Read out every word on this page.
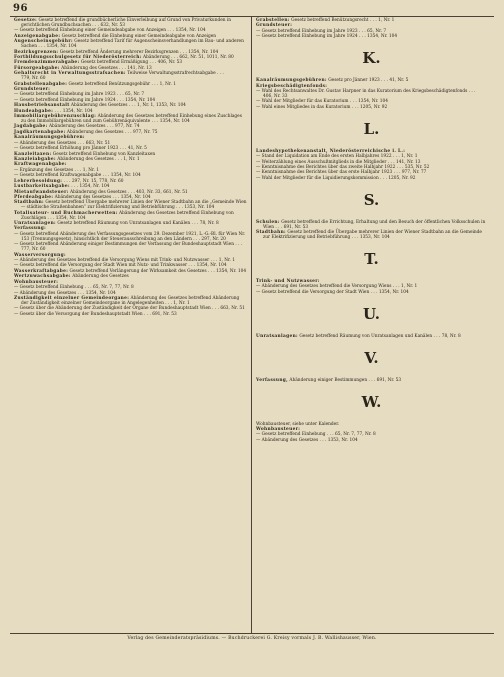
96
Gesetze: Gesetz betreffend die grundbücherliche Einverleibung auf Grund von Privaturkunden in gerichtlichen Grundbuchsachen . . . 632, Nr. 53
— Gesetz betreffend Einhebung einer Gemeindeabgabe von Anzeigen . . . 1354, Nr. 104
Anzeigenabgabe: Gesetz betreffend die Einhebung einer Gemeindeabgabe von Anzeigen
Augenscheinsgebühr: Gesetz betreffend Tarif für Augenscheinsverhandlungen im Bau- und anderen Sachen . . . 1354, Nr. 104
Bezirksgrenzen: Gesetz betreffend Änderung mehrerer Bezirksgrenzen . . . 1354, Nr. 104
Fortbildungsschulgesetz für Niederösterreich: Abänderung . . . 662, Nr. 51, 1011, Nr. 80
Fremdenzimmerabgabe: Gesetz betreffend Ermäßigung . . . 406, Nr. 53
Fürsorgeabgabe: Abänderung des Gesetzes . . . 141, Nr. 13
Gehaltsrecht in Verwaltungsstrafsachen: Teilweise Verwaltungsstrafrechtsabgabe . . . 779, Nr. 60
Grabstellenabgabe: Gesetz betreffend Benützungsgebühr . . . 1, Nr. 1
Grundsteuer:
— Gesetz betreffend Einhebung im Jahre 1923 . . . 65, Nr. 7
— Gesetz betreffend Einhebung im Jahre 1924 . . . 1354, Nr. 104
Hausbetriebsanstalt Abänderung des Gesetzes . . . 1, Nr. 1, 1353, Nr. 104
Hundeabgabe: . . . 1354, Nr. 104
Immobiliargebührenzuschlag: Abänderung des Gesetzes betreffend Einhebung eines Zuschlages zu den Immobiliargebühren und zum Gebührenäquivalente . . . 1354, Nr. 104
Jagdabgabe: Abänderung des Gesetzes . . . 977, Nr. 74
Jagdkartenabgabe: Abänderung des Gesetzes . . . 977, Nr. 75
Kanalräumungsgebühren:
— Abänderung des Gesetzes . . . 663, Nr. 51
— Gesetz betreffend Erhöhung pro Jänner 1923 . . . 41, Nr. 5
Kanzleitaxen: Gesetz betreffend Einhebung von Kanzleitaxen
Kanzleiabgabe: Abänderung des Gesetzes . . . 1, Nr. 1
Kraftwagenabgabe:
— Ergänzung des Gesetzes . . . 1, Nr. 1
— Gesetz betreffend Kraftwagenabgabe . . . 1354, Nr. 104
Lehrerbesoldung: . . . 297, Nr. 15, 778, Nr. 60
Lustbarkeitsabgabe: . . . 1354, Nr. 104
Mietaufwandsteuer: Abänderung des Gesetzes . . . 403, Nr. 33, 661, Nr. 51
Pferdeabgabe: Abänderung des Gesetzes . . . 1354, Nr. 104
Stadtbahn: Gesetz betreffend Übergabe mehrerer Linien der Wiener Stadtbahn an die „Gemeinde Wien — städtische Straßenbahnen“ zur Elektrifizierung und Betriebführung . . . 1353, Nr. 104
Totalisateur- und Buchmacherwetten: Abänderung des Gesetzes betreffend Einhebung von Zuschlägen . . . 1354, Nr. 104
Unratsanlagen: Gesetz betreffend Räumung von Unratsanlagen und Kanälen . . . 78, Nr. 8
Verfassung:
— Gesetz betreffend Abänderung des Verfassungsgesetzes vom 29. Dezember 1921, L.-G.-Bl. für Wien Nr. 153 (Trennungsgesetz), hinsichtlich der Steuerausschreibung an den Ländern . . . 297, Nr. 20
— Gesetz betreffend Abänderung einiger Bestimmungen der Verfassung der Bundeshauptstadt Wien . . . 777, Nr. 60
Wasserversorgung:
— Abänderung des Gesetzes betreffend die Versorgung Wiens mit Trink- und Nutzwasser . . . 1, Nr. 1
— Gesetz betreffend die Versorgung der Stadt Wien mit Nutz- und Trinkwasser . . . 1354, Nr. 104
Wasserkraftabgabe: Gesetz betreffend Verlängerung der Wirksamkeit des Gesetzes . . . 1354, Nr. 104
Wertzuwachsabgabe: Abänderung des Gesetzes
Wohnbausteuer:
— Gesetz betreffend Einhebung . . . 65, Nr. 7, 77, Nr. 8
— Abänderung des Gesetzes . . . 1354, Nr. 104
Zuständigkeit einzelner Gemeindeorgane: Abänderung des Gesetzes betreffend Abänderung der Zuständigkeit einzelner Gemeindeorgane in Angelegenheiten . . . 1, Nr. 1
— Gesetz über die Abänderung der Zuständigkeit der Organe der Bundeshauptstadt Wien . . . 663, Nr. 51
— Gesetz über die Versorgung der Bundeshauptstadt Wien . . . 691, Nr. 53
Grabstellen: Gesetz betreffend Benützungsrecht . . . 1, Nr. 1
Grundsteuer:
— Gesetz betreffend Einhebung im Jahre 1923 . . . 65, Nr. 7
— Gesetz betreffend Einhebung im Jahre 1924 . . . 1354, Nr. 104
K.
Kanalräumungsgebühren: Gesetz pro Jänner 1923 . . . 41, Nr. 5
Kriegsbeschädigtenfonds:
— Wahl des Rechtsanwaltes Dr. Gustav Harpner in das Kuratorium des Kriegsbeschädigtenfonds . . . 406, Nr. 33
— Wahl der Mitglieder für das Kuratorium . . . 1354, Nr. 104
— Wahl eines Mitgliedes in das Kuratorium . . . 1205, Nr. 92
L.
Landeshypothekenanstalt, Niederösterreichische i. L.:
— Stand der Liquidation am Ende des ersten Halbjahres 1922 . . . 1, Nr. 1
— Weiterzählung eines Ausschußmitglieds in die Mitglieder . . . 141, Nr. 13
— Kenntnisnahme des Berichtes über das zweite Halbjahr 1922 . . . 535, Nr. 52
— Kenntnisnahme des Berichtes über das erste Halbjahr 1923 . . . 977, Nr. 77
— Wahl der Mitglieder für die Liquidierungskommission . . . 1205, Nr. 92
S.
Schulen: Gesetz betreffend die Errichtung, Erhaltung und den Besuch der öffentlichen Volksschulen in Wien . . . 691, Nr. 53
Stadtbahn: Gesetz betreffend die Übergabe mehrerer Linien der Wiener Stadtbahn an die Gemeinde zur Elektrifizierung und Betriebführung . . . 1353, Nr. 104
T.
Trink- und Nutzwasser:
— Abänderung des Gesetzes betreffend die Versorgung Wiens . . . 1, Nr. 1
— Gesetz betreffend die Versorgung der Stadt Wien . . . 1354, Nr. 104
U.
Unratsanlagen: Gesetz betreffend Räumung von Unratsanlagen und Kanälen . . . 78, Nr. 8
V.
Verfassung, Abänderung einiger Bestimmungen . . . 691, Nr. 53
W.
Wohnbausteuer, siehe unter Kalender.
Wohnbausteuer:
— Gesetz betreffend Einhebung . . . 65, Nr. 7, 77, Nr. 8
— Abänderung des Gesetzes . . . 1353, Nr. 104
Verlag des Gemeinderatspräsidiums. — Buchdruckerei G. Kreisy vormals J. B. Wallishausser, Wien.
